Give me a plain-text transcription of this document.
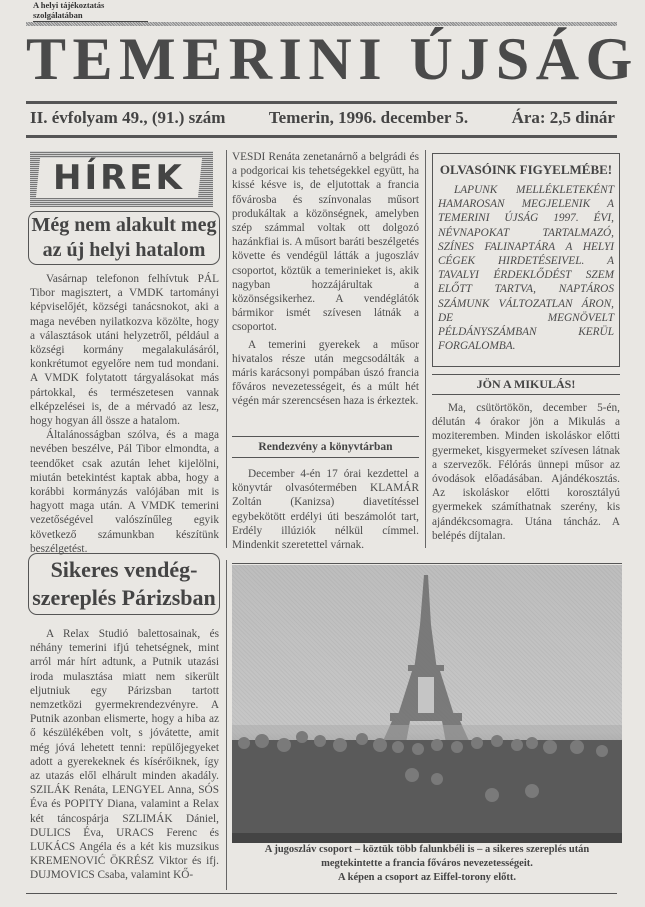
A helyi tájékoztatás szolgálatában
TEMERINI ÚJSÁG
II. évfolyam 49., (91.) szám	Temerin, 1996. december 5.	Ára: 2,5 dinár
HÍREK
Még nem alakult meg az új helyi hatalom

Vasárnap telefonon felhívtuk PÁL Tibor magisztert, a VMDK tartományi képviselőjét, községi tanácsnokot, aki a maga nevében nyilatkozva közölte, hogy a választások utáni helyzetről, például a községi kormány megalakulásáról, konkrétumot egyelőre nem tud mondani. A VMDK folytatott tárgyalásokat más pártokkal, és természetesen vannak elképzelései is, de a mérvadó az lesz, hogy hogyan áll össze a hatalom.

Általánosságban szólva, és a maga nevében beszélve, Pál Tibor elmondta, a teendőket csak azután lehet kijelölni, miután betekintést kaptak abba, hogy a korábbi kormányzás valójában mit is hagyott maga után. A VMDK temerini vezetőségével valószínűleg egyik következő számunkban készítünk beszélgetést.

Sikeres vendég-
szereplés Párizsban

A Relax Studió balettosainak, és néhány temerini ifjú tehetségnek, mint arról már hírt adtunk, a Putnik utazási iroda mulasztása miatt nem sikerült eljutniuk egy Párizsban tartott nemzetközi gyermekrendezvényre. A Putnik azonban elismerte, hogy a hiba az ő készülékében volt, s jóvátette, amit még jóvá lehetett tenni: repülőjegyeket adott a gyerekeknek és kísérőiknek, így az utazás elől elhárult minden akadály. SZILÁK Renáta, LENGYEL Anna, SÓS Éva és POPITY Diana, valamint a Relax két táncospárja SZLIMÁK Dániel, DULICS Éva, URACS Ferenc és LUKÁCS Angéla és a két kis muzsikus KREMENOVIĆ ÖKRÉSZ Viktor és ifj. DUJMOVICS Csaba, valamint KŐ-

VESDI Renáta zenetanárnő a belgrádi és a podgoricai kis tehetségekkel együtt, ha kissé késve is, de eljutottak a francia fővárosba és színvonalas műsort produkáltak a közönségnek, amelyben szép számmal voltak ott dolgozó hazánkfiai is. A műsort baráti beszélgetés követte és vendégül látták a jugoszláv csoportot, köztük a temerinieket is, akik nagyban hozzájárultak a közönségsikerhez. A vendéglátók bármikor ismét szívesen látnák a csoportot.

A temerini gyerekek a műsor hivatalos része után megcsodálták a máris karácsonyi pompában úszó francia főváros nevezetességeit, és a múlt hét végén már szerencsésen haza is érkeztek.

Rendezvény a könyvtárban

December 4-én 17 órai kezdettel a könyvtár olvasótermében KLAMÁR Zoltán (Kanizsa) diavetítéssel egybekötött erdélyi úti beszámolót tart, Erdély illúziók nélkül címmel. Mindenkit szeretettel várnak.

OLVASÓINK FIGYELMÉBE!

LAPUNK MELLÉKLETEKÉNT HAMAROSAN MEGJELENIK A TEMERINI ÚJSÁG 1997. ÉVI, NÉVNAPOKAT TARTALMAZÓ, SZÍNES FALINAPTÁRA A HELYI CÉGEK HIRDETÉSEIVEL. A TAVALYI ÉRDEKLŐDÉST SZEM ELŐTT TARTVA, NAPTÁROS SZÁMUNK VÁLTOZATLAN ÁRON, DE MEGNÖVELT PÉLDÁNYSZÁMBAN KERÜL FORGALOMBA.

JÖN A MIKULÁS!

Ma, csütörtökön, december 5-én, délután 4 órakor jön a Mikulás a moziteremben. Minden iskoláskor előtti gyermeket, kisgyermeket szívesen látnak a szervezők. Félórás ünnepi műsor az óvodások előadásában. Ajándékosztás. Az iskoláskor előtti korosztályú gyermekek számíthatnak szerény, kis ajándékcsomagra. Utána táncház. A belépés díjtalan.

A jugoszláv csoport – köztük több falunkbéli is – a sikeres szereplés után
megtekintette a francia főváros nevezetességeit.
A képen a csoport az Eiffel-torony előtt.
